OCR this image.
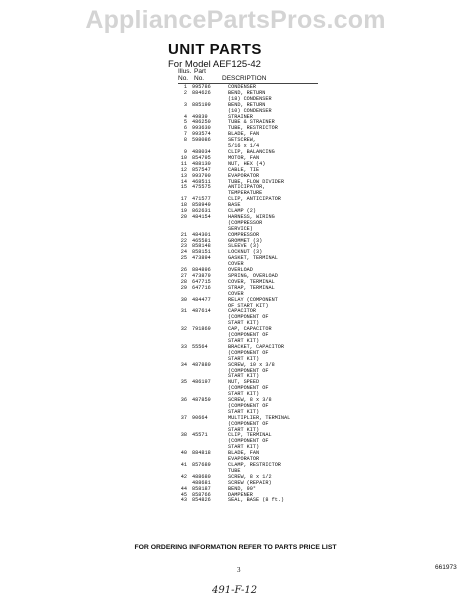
AppliancePartsPros.com
UNIT PARTS
For Model AEF125-42
Illus. Part
No. No.	DESCRIPTION
1 995786	CONDENSER
2 884626	BEND, RETURN
(18) CONDENSER
3 885199	BEND, RETURN
(10) CONDENSER
4 49839	STRAINER
5 486250	TUBE & STRAINER
6 993630	TUBE, RESTRICTOR
7 993574	BLADE, FAN
8 598086	SETSCREW,
5/16 x 1/4
9 488034	CLIP, BALANCING
10 854795	MOTOR, FAN
11 488130	NUT, HEX (4)
12 857547	CABLE, TIE
13 993790	EVAPORATOR
14 468511	TUBE, FLOW DIVIDER
15 475575	ANTICIPATOR,
TEMPERATURE
17 471577	CLIP, ANTICIPATOR
18 858949	BASE
19 862631	CLAMP (2)
20 484154	HARNESS, WIRING
(COMPRESSOR
SERVICE)
21 484301	COMPRESSOR
22 465581	GROMMET (3)
23 858148	SLEEVE (3)
24 858151	LOCKNUT (3)
25 473894	GASKET, TERMINAL
COVER
26 884896	OVERLOAD
27 473879	SPRING, OVERLOAD
28 647715	COVER, TERMINAL
29 647716	STRAP, TERMINAL
COVER
30 484477	RELAY (COMPONENT
OF START KIT)
31 487614	CAPACITOR
(COMPONENT OF
START KIT)
32 791869	CAP, CAPACITOR
(COMPONENT OF
START KIT)
33 55564	BRACKET, CAPACITOR
(COMPONENT OF
START KIT)
34 487880	SCREW, 10 x 3/8
(COMPONENT OF
START KIT)
35 486197	NUT, SPEED
(COMPONENT OF
START KIT)
36 487859	SCREW, 8 x 3/8
(COMPONENT OF
START KIT)
37 90664	MULTIPLIER, TERMINAL
(COMPONENT OF
START KIT)
38 45571	CLIP, TERMINAL
(COMPONENT OF
START KIT)
40 884818	BLADE, FAN
EVAPORATOR
41 857689	CLAMP, RESTRICTOR
TUBE
42 488680	SCREW, 8 x 1/2
488681	SCREW (REPAIR)
44 858187	BEND, 90°
45 858766	DAMPENER
43 854826	SEAL, BASE (8 ft.)
FOR ORDERING INFORMATION REFER TO PARTS PRICE LIST
3	661973
491-F-12
